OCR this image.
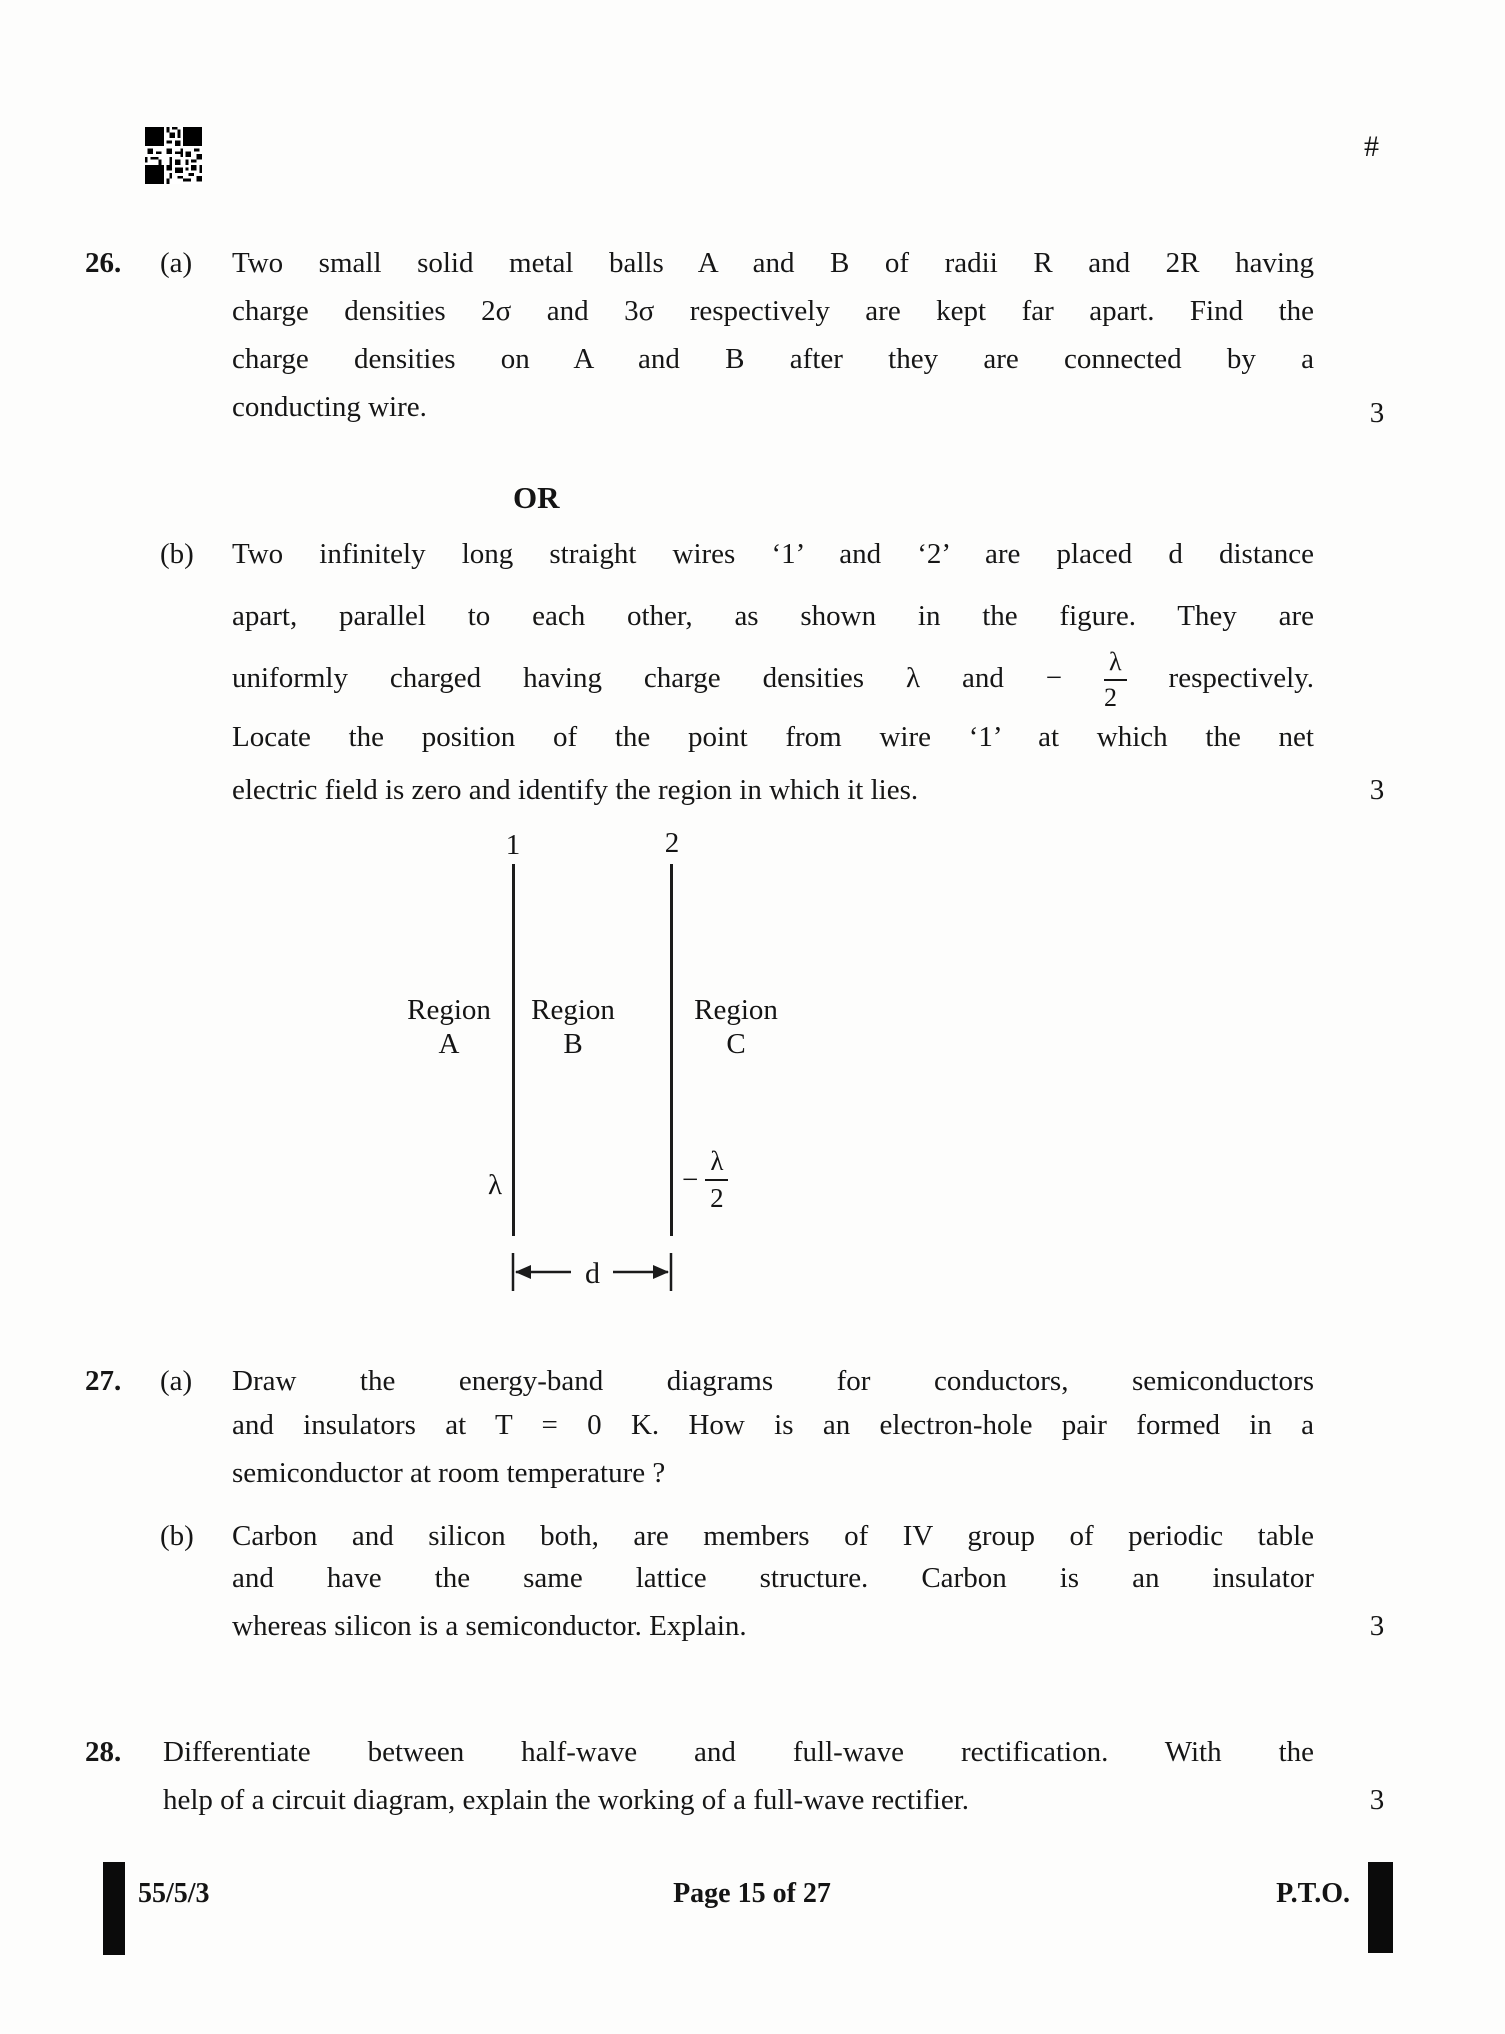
#
26. (a) Two small solid metal balls A and B of radii R and 2R having
charge densities 2σ and 3σ respectively are kept far apart. Find the
charge densities on A and B after they are connected by a
conducting wire.	3
OR
(b) Two infinitely long straight wires ‘1’ and ‘2’ are placed d distance
apart, parallel to each other, as shown in the figure. They are
uniformly charged having charge densities λ and − $\frac{\lambda}{2}$ respectively.
Locate the position of the point from wire ‘1’ at which the net
electric field is zero and identify the region in which it lies.	3
1	2
Region
A
Region
B
Region
C
λ	− $\frac{\lambda}{2}$
d
27. (a) Draw the energy-band diagrams for conductors, semiconductors
and insulators at T = 0 K. How is an electron-hole pair formed in a
semiconductor at room temperature ?
(b) Carbon and silicon both, are members of IV group of periodic table
and have the same lattice structure. Carbon is an insulator
whereas silicon is a semiconductor. Explain.	3
28. Differentiate between half-wave and full-wave rectification. With the
help of a circuit diagram, explain the working of a full-wave rectifier.	3
55/5/3	Page 15 of 27	P.T.O.
